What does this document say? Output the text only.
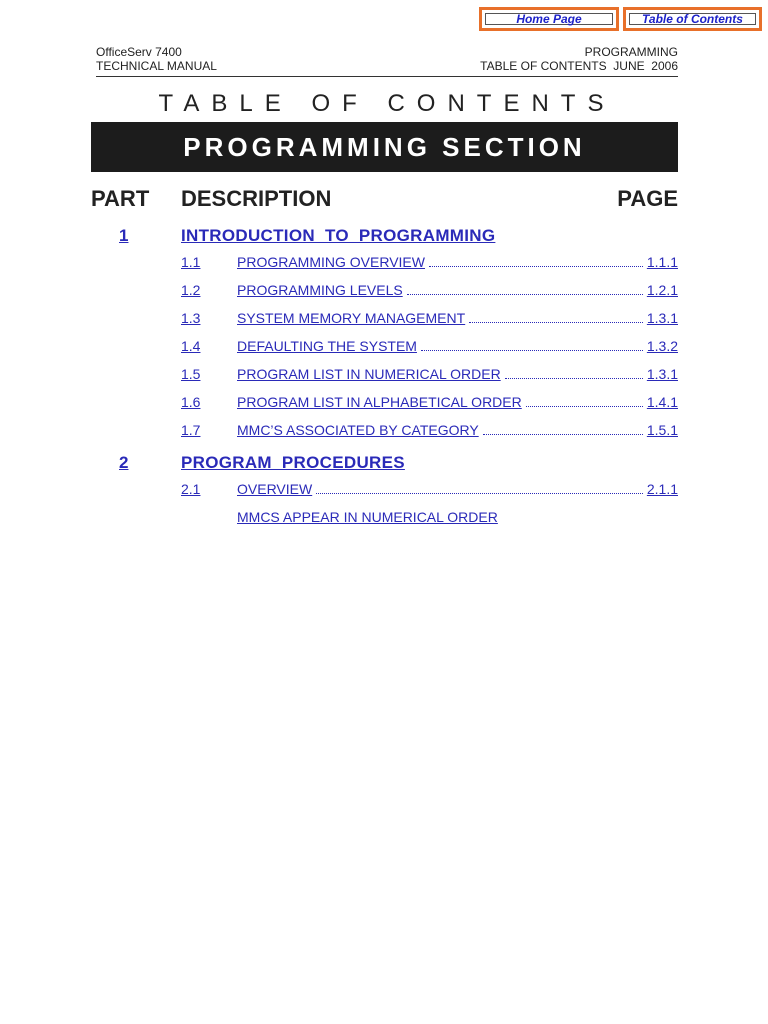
Home Page	Table of Contents
OfficeServ 7400
TECHNICAL MANUAL
PROGRAMMING
TABLE OF CONTENTS  JUNE  2006
TABLE OF CONTENTS
PROGRAMMING SECTION
PART DESCRIPTION	PAGE
1	INTRODUCTION  TO  PROGRAMMING
1.1	PROGRAMMING OVERVIEW	1.1.1
1.2	PROGRAMMING LEVELS	1.2.1
1.3	SYSTEM MEMORY MANAGEMENT	1.3.1
1.4	DEFAULTING THE SYSTEM	1.3.2
1.5	PROGRAM LIST IN NUMERICAL ORDER	1.3.1
1.6	PROGRAM LIST IN ALPHABETICAL ORDER	1.4.1
1.7	MMC’S ASSOCIATED BY CATEGORY	1.5.1
2	PROGRAM  PROCEDURES
2.1	OVERVIEW	2.1.1
MMCS APPEAR IN NUMERICAL ORDER
